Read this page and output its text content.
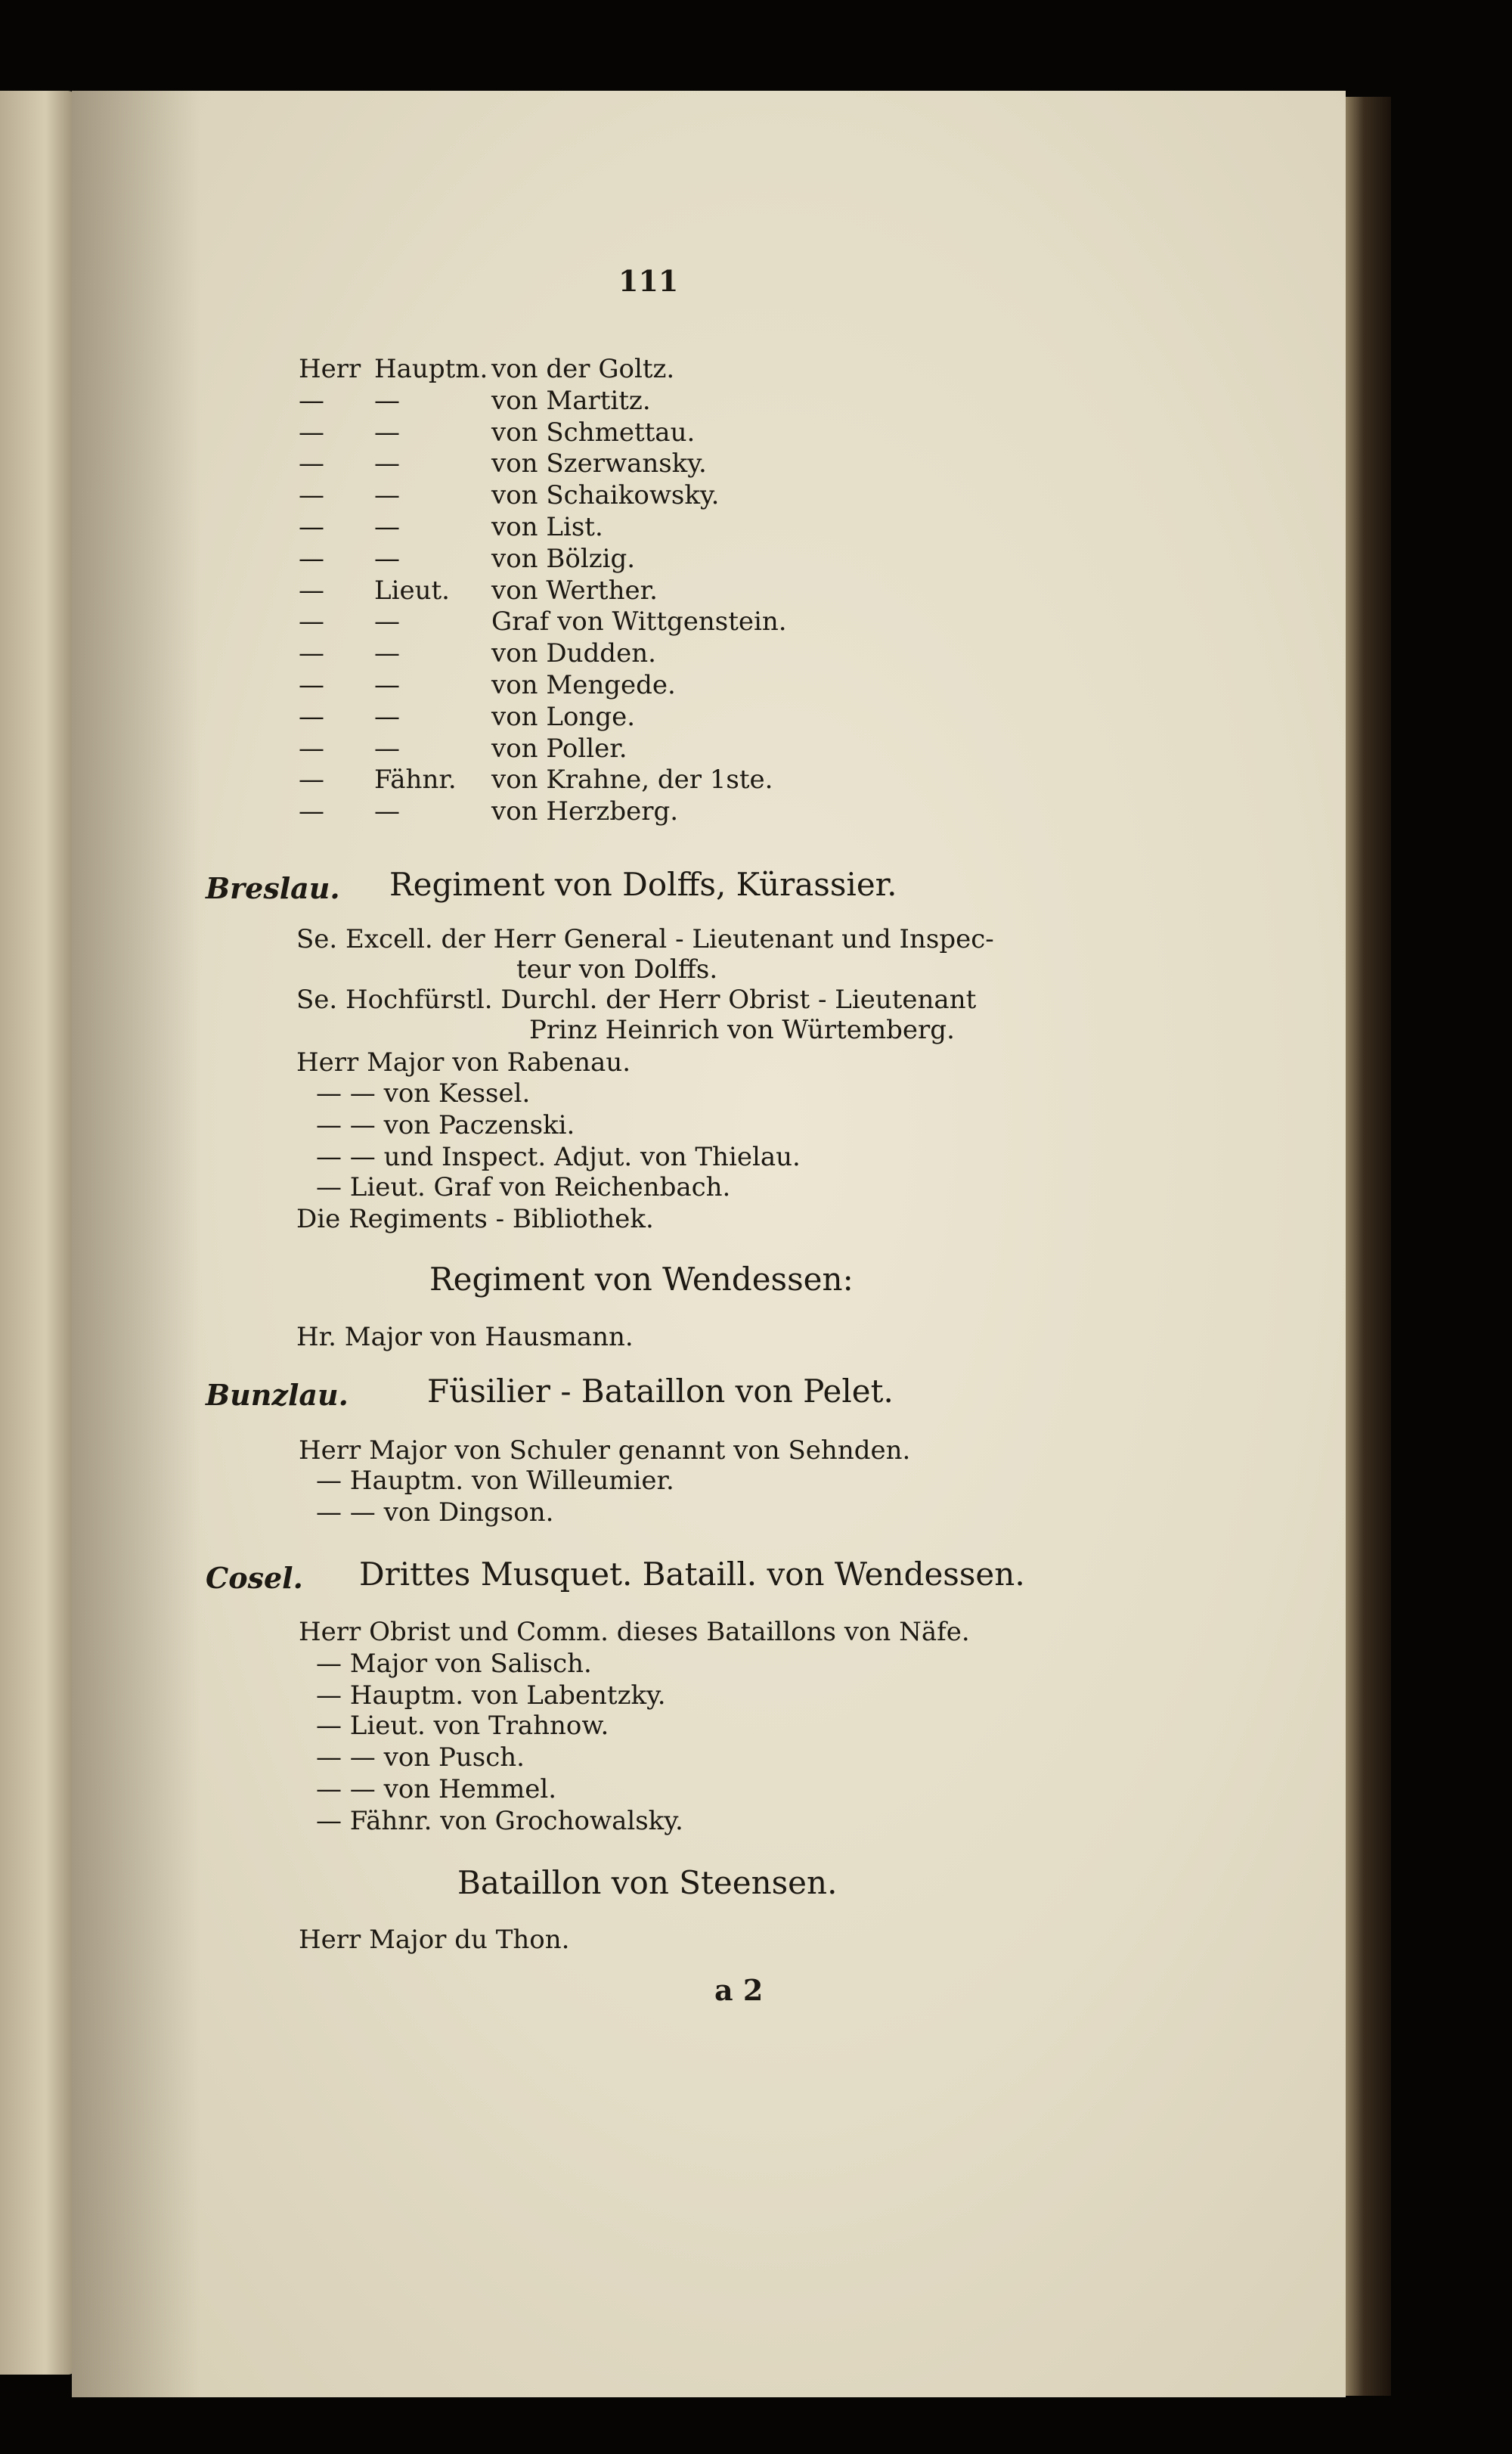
111
Herr Hauptm. von der Goltz.
— —	von Martitz.
— —	von Schmettau.
— —	von Szerwansky.
— —	von Schaikowsky.
— —	von List.
— —	von Bölzig.
— Lieut. von Werther.
— —	Graf von Wittgenstein.
— —	von Dudden.
— —	von Mengede.
— —	von Longe.
— —	von Poller.
— Fähnr. von Krahne, der 1ste.
— —	von Herzberg.
Breslau. Regiment von Dolffs, Kürassier.
Se. Excell. der Herr General - Lieutenant und Inspec-
teur von Dolffs.
Se. Hochfürstl. Durchl. der Herr Obrist - Lieutenant
Prinz Heinrich von Würtemberg.
Herr Major von Rabenau.
— — von Kessel.
— — von Paczenski.
— — und Inspect. Adjut. von Thielau.
— Lieut. Graf von Reichenbach.
Die Regiments - Bibliothek.
Regiment von Wendessen:
Hr. Major von Hausmann.
Bunzlau. Füsilier - Bataillon von Pelet.
Herr Major von Schuler genannt von Sehnden.
— Hauptm. von Willeumier.
— — von Dingson.
Cosel. Drittes Musquet. Bataill. von Wendessen.
Herr Obrist und Comm. dieses Bataillons von Näfe.
— Major von Salisch.
— Hauptm. von Labentzky.
— Lieut. von Trahnow.
— — von Pusch.
— — von Hemmel.
— Fähnr. von Grochowalsky.
Bataillon von Steensen.
Herr Major du Thon.
a 2
